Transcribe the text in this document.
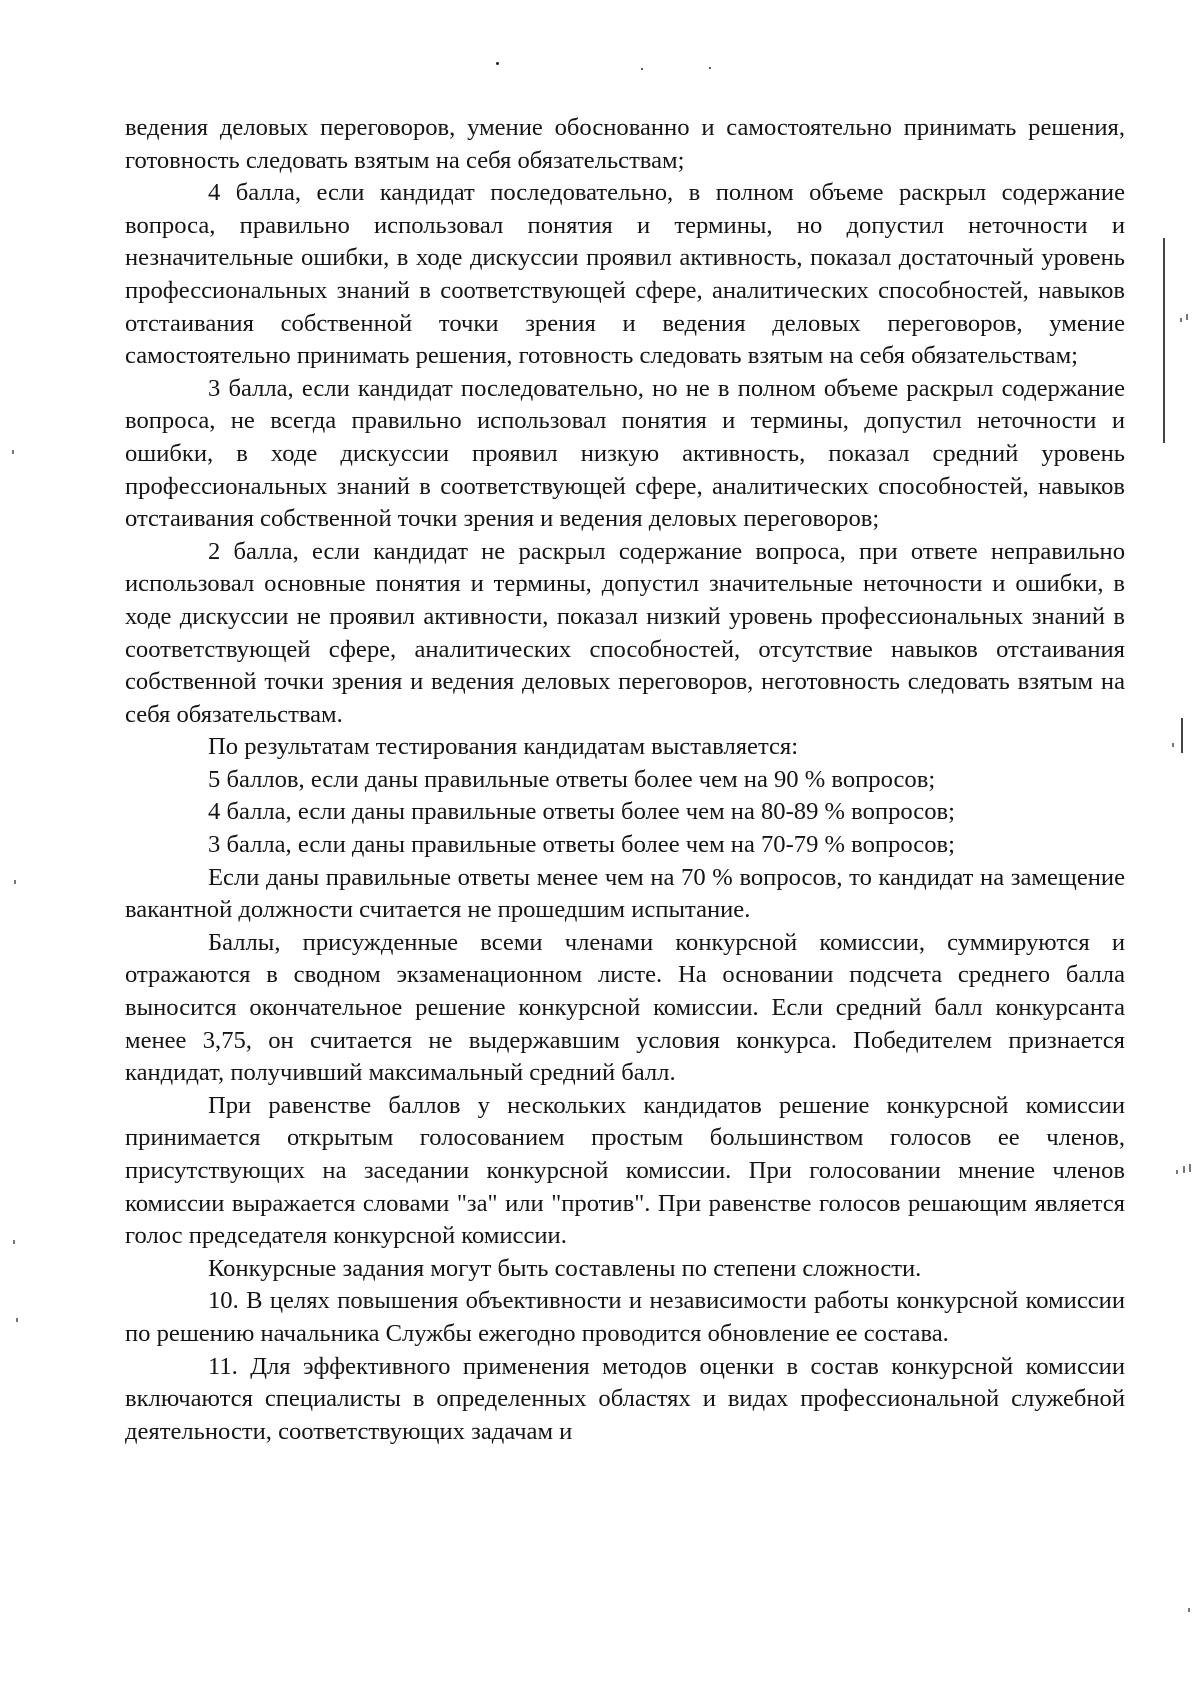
ведения деловых переговоров, умение обоснованно и самостоятельно принимать решения, готовность следовать взятым на себя обязательствам;

4 балла, если кандидат последовательно, в полном объеме раскрыл содержание вопроса, правильно использовал понятия и термины, но допустил неточности и незначительные ошибки, в ходе дискуссии проявил активность, показал достаточный уровень профессиональных знаний в соответствующей сфере, аналитических способностей, навыков отстаивания собственной точки зрения и ведения деловых переговоров, умение самостоятельно принимать решения, готовность следовать взятым на себя обязательствам;

3 балла, если кандидат последовательно, но не в полном объеме раскрыл содержание вопроса, не всегда правильно использовал понятия и термины, допустил неточности и ошибки, в ходе дискуссии проявил низкую активность, показал средний уровень профессиональных знаний в соответствующей сфере, аналитических способностей, навыков отстаивания собственной точки зрения и ведения деловых переговоров;

2 балла, если кандидат не раскрыл содержание вопроса, при ответе неправильно использовал основные понятия и термины, допустил значительные неточности и ошибки, в ходе дискуссии не проявил активности, показал низкий уровень профессиональных знаний в соответствующей сфере, аналитических способностей, отсутствие навыков отстаивания собственной точки зрения и ведения деловых переговоров, неготовность следовать взятым на себя обязательствам.

По результатам тестирования кандидатам выставляется:

5 баллов, если даны правильные ответы более чем на 90 % вопросов;

4 балла, если даны правильные ответы более чем на 80-89 % вопросов;

3 балла, если даны правильные ответы более чем на 70-79 % вопросов;

Если даны правильные ответы менее чем на 70 % вопросов, то кандидат на замещение вакантной должности считается не прошедшим испытание.

Баллы, присужденные всеми членами конкурсной комиссии, суммируются и отражаются в сводном экзаменационном листе. На основании подсчета среднего балла выносится окончательное решение конкурсной комиссии. Если средний балл конкурсанта менее 3,75, он считается не выдержавшим условия конкурса. Победителем признается кандидат, получивший максимальный средний балл.

При равенстве баллов у нескольких кандидатов решение конкурсной комиссии принимается открытым голосованием простым большинством голосов ее членов, присутствующих на заседании конкурсной комиссии. При голосовании мнение членов комиссии выражается словами "за" или "против". При равенстве голосов решающим является голос председателя конкурсной комиссии.

Конкурсные задания могут быть составлены по степени сложности.

10. В целях повышения объективности и независимости работы конкурсной комиссии по решению начальника Службы ежегодно проводится обновление ее состава.

11. Для эффективного применения методов оценки в состав конкурсной комиссии включаются специалисты в определенных областях и видах профессиональной служебной деятельности, соответствующих задачам и
